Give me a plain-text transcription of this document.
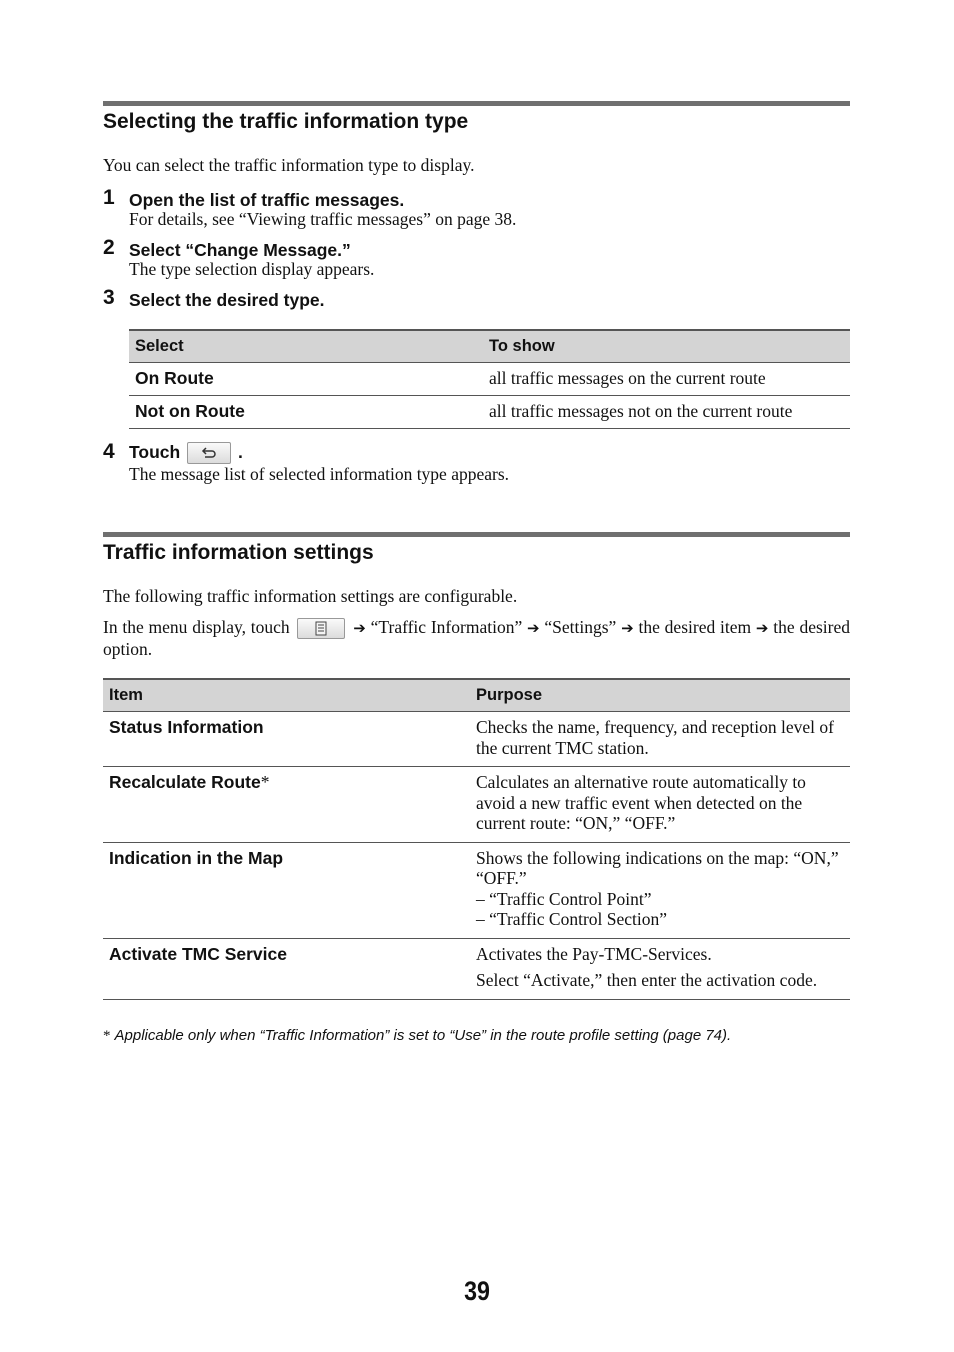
Selecting the traffic information type
You can select the traffic information type to display.
1 Open the list of traffic messages.
For details, see “Viewing traffic messages” on page 38.
2 Select “Change Message.”
The type selection display appears.
3 Select the desired type.
Select	To show
On Route	all traffic messages on the current route
Not on Route	all traffic messages not on the current route
4 Touch	.
The message list of selected information type appears.
Traffic information settings
The following traffic information settings are configurable.
In the menu display, touch	➔ “Traffic Information” ➔ “Settings” ➔ the desired item ➔ the desired option.
Item	Purpose
Status Information	Checks the name, frequency, and reception level of the current TMC station.

Recalculate Route*	Calculates an alternative route automatically to avoid a new traffic event when detected on the current route: “ON,” “OFF.”

Indication in the Map	Shows the following indications on the map: “ON,” “OFF.”
– “Traffic Control Point”
– “Traffic Control Section”

Activate TMC Service	Activates the Pay-TMC-Services.

Select “Activate,” then enter the activation code.

* Applicable only when “Traffic Information” is set to “Use” in the route profile setting (page 74).
39
